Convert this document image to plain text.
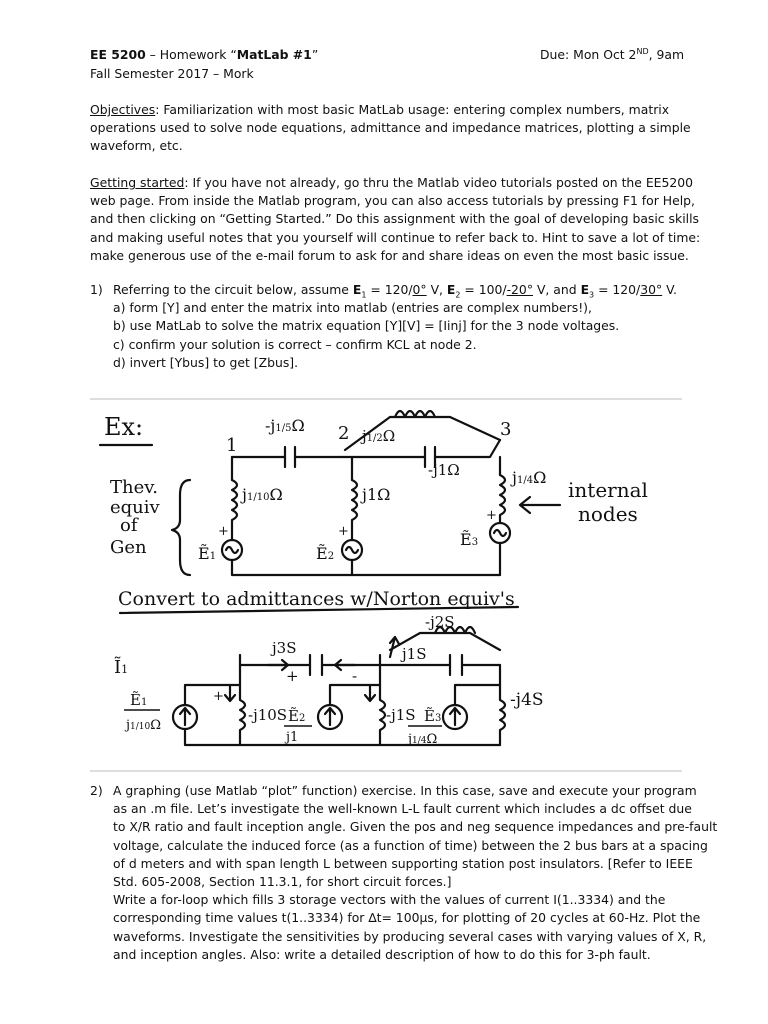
EE 5200 – Homework “MatLab #1”	Due: Mon Oct 2ND, 9am
Fall Semester 2017 – Mork
Objectives: Familiarization with most basic MatLab usage: entering complex numbers, matrix
operations used to solve node equations, admittance and impedance matrices, plotting a simple
waveform, etc.
Getting started: If you have not already, go thru the Matlab video tutorials posted on the EE5200
web page. From inside the Matlab program, you can also access tutorials by pressing F1 for Help,
and then clicking on “Getting Started.” Do this assignment with the goal of developing basic skills
and making useful notes that you yourself will continue to refer back to. Hint to save a lot of time:
make generous use of the e-mail forum to ask for and share ideas on even the most basic issue.
1) Referring to the circuit below, assume $E_1 = 120/0^\circ$ V, $E_2 = 100/-20^\circ$ V, and $E_3 = 120/30^\circ$ V.
a) form [Y] and enter the matrix into matlab (entries are complex numbers!),
b) use MatLab to solve the matrix equation [Y][V] = [Iinj] for the 3 node voltages.
c) confirm your solution is correct – confirm KCL at node 2.
d) invert [Ybus] to get [Zbus].
Ex:
1
2	3
-j1/5Ω
j1/2Ω
-j1Ω
j1/10Ω	j1Ω
j1/4Ω
Thev.
equiv
of
Gen	Ẽ1	Ẽ2
Ẽ3
+	+
+
internal
nodes
Convert to admittances w/Norton equiv's
-j2S
j3S	j1S
-j10S	-j1S
-j4S
Ĩ1
Ẽ1
j1/10Ω
Ẽ2
j1
Ẽ3
j1/4Ω
+
+	-
2) A graphing (use Matlab “plot” function) exercise. In this case, save and execute your program
as an .m file. Let’s investigate the well-known L-L fault current which includes a dc offset due
to X/R ratio and fault inception angle. Given the pos and neg sequence impedances and pre-fault
voltage, calculate the induced force (as a function of time) between the 2 bus bars at a spacing
of d meters and with span length L between supporting station post insulators. [Refer to IEEE
Std. 605-2008, Section 11.3.1, for short circuit forces.]
Write a for-loop which fills 3 storage vectors with the values of current I(1..3334) and the
corresponding time values t(1..3334) for ∆t= 100µs, for plotting of 20 cycles at 60-Hz. Plot the
waveforms. Investigate the sensitivities by producing several cases with varying values of X, R,
and inception angles. Also: write a detailed description of how to do this for 3-ph fault.
